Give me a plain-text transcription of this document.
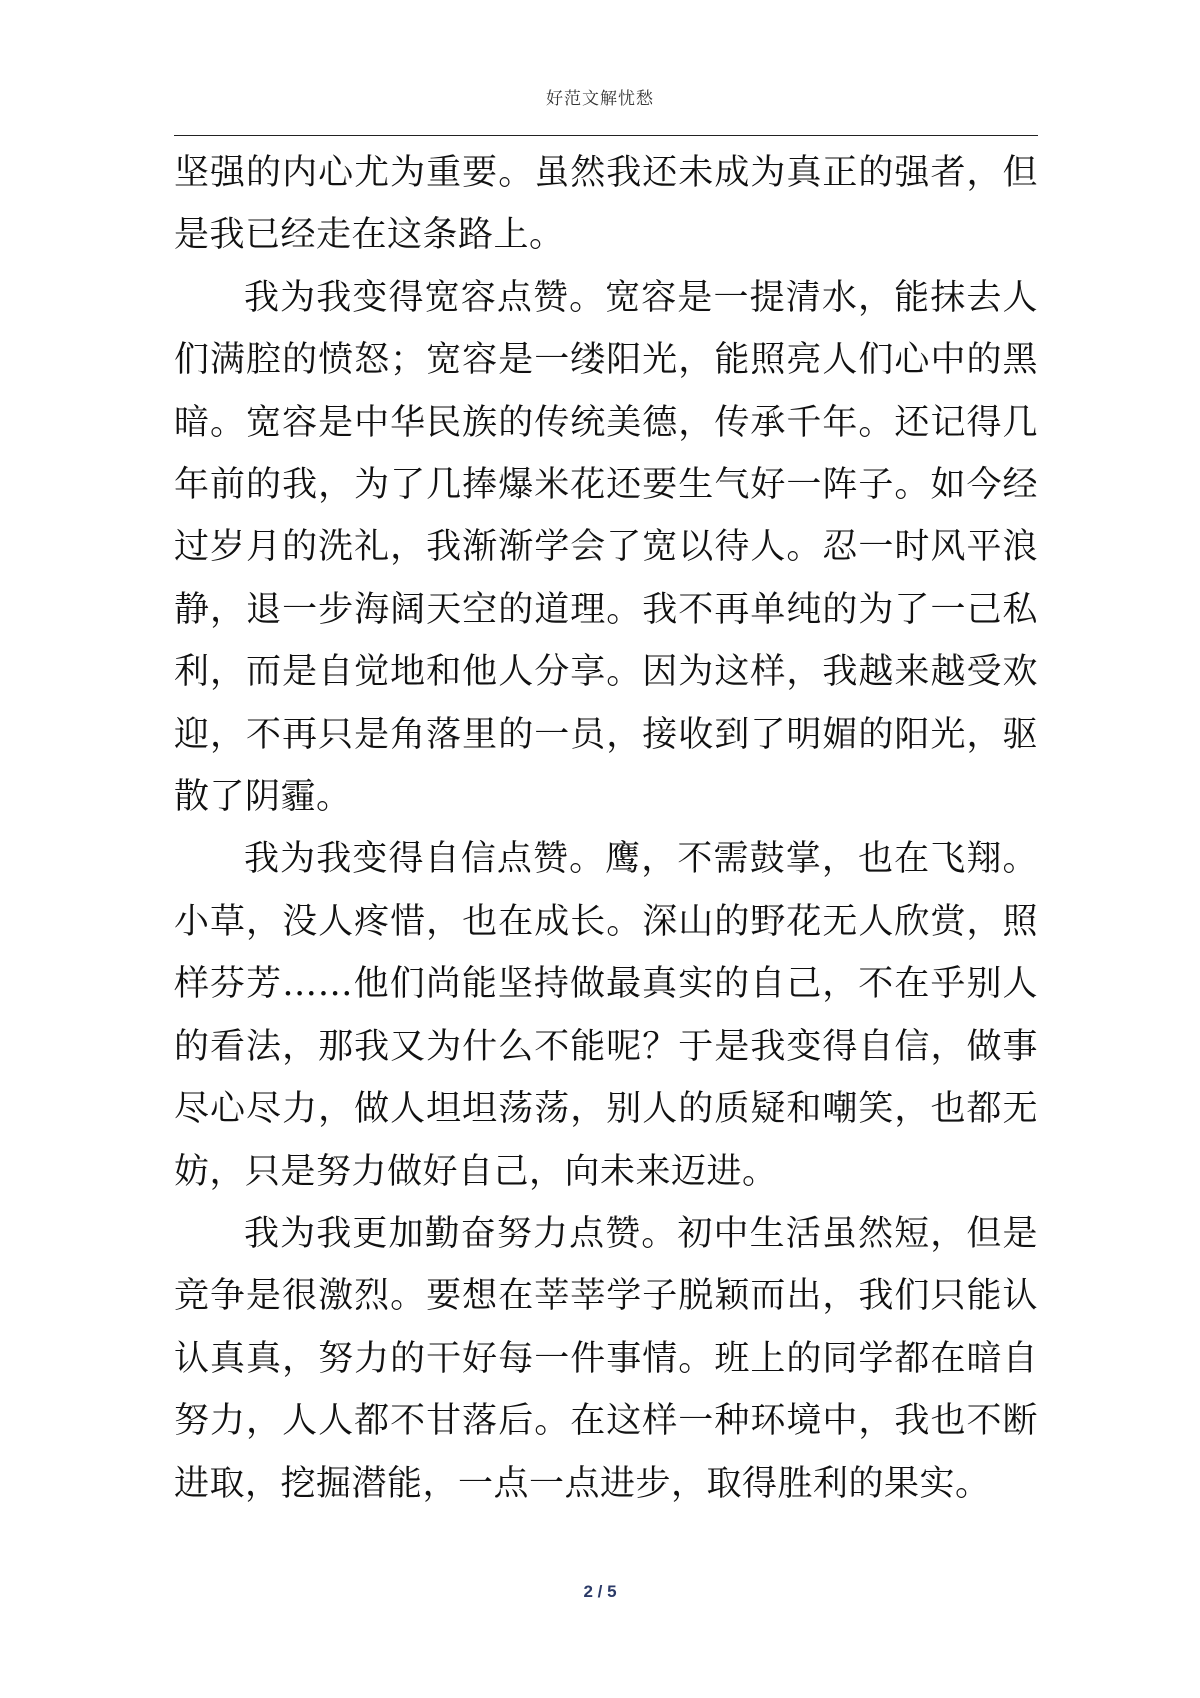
好范文解忧愁

坚强的内心尤为重要。虽然我还未成为真正的强者，但是我已经走在这条路上。

我为我变得宽容点赞。宽容是一提清水，能抹去人们满腔的愤怒；宽容是一缕阳光，能照亮人们心中的黑暗。宽容是中华民族的传统美德，传承千年。还记得几年前的我，为了几捧爆米花还要生气好一阵子。如今经过岁月的洗礼，我渐渐学会了宽以待人。忍一时风平浪静，退一步海阔天空的道理。我不再单纯的为了一己私利，而是自觉地和他人分享。因为这样，我越来越受欢迎，不再只是角落里的一员，接收到了明媚的阳光，驱散了阴霾。

我为我变得自信点赞。鹰，不需鼓掌，也在飞翔。小草，没人疼惜，也在成长。深山的野花无人欣赏，照样芬芳……他们尚能坚持做最真实的自己，不在乎别人的看法，那我又为什么不能呢？于是我变得自信，做事尽心尽力，做人坦坦荡荡，别人的质疑和嘲笑，也都无妨，只是努力做好自己，向未来迈进。

我为我更加勤奋努力点赞。初中生活虽然短，但是竞争是很激烈。要想在莘莘学子脱颖而出，我们只能认认真真，努力的干好每一件事情。班上的同学都在暗自努力，人人都不甘落后。在这样一种环境中，我也不断进取，挖掘潜能，一点一点进步，取得胜利的果实。

2 / 5
